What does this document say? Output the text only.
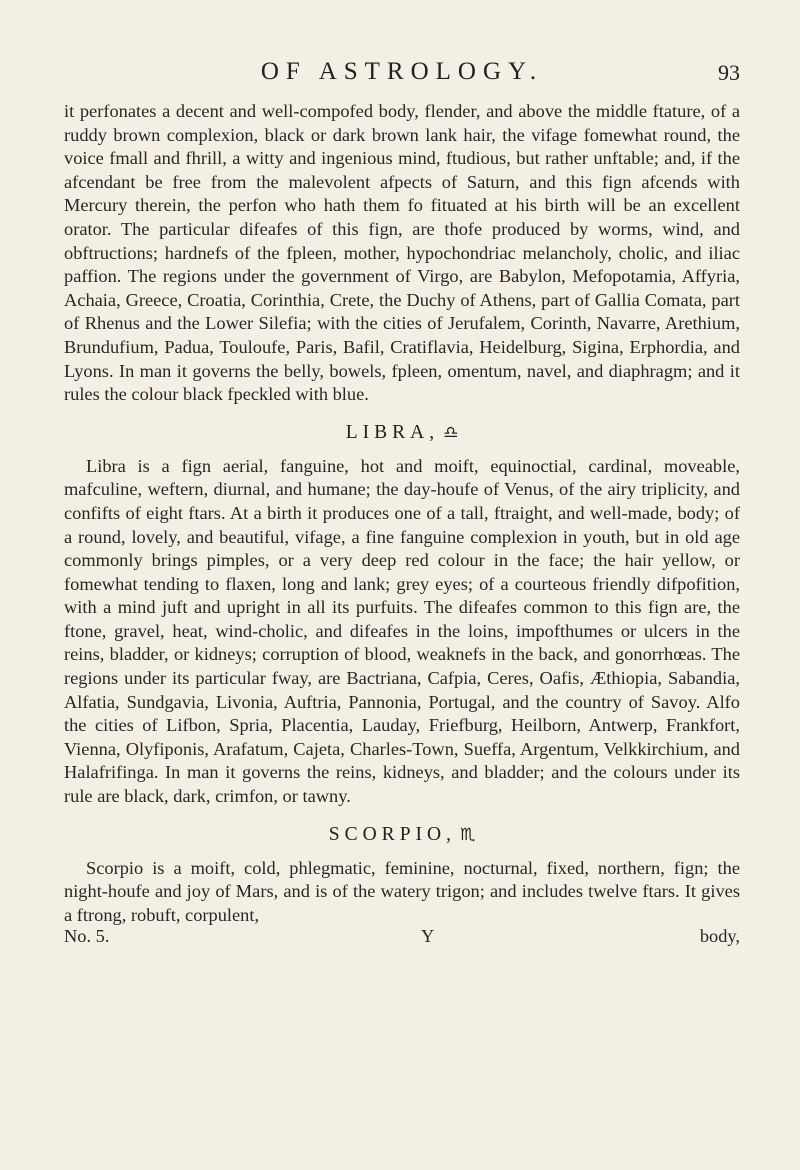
OF ASTROLOGY.	93

it perfonates a decent and well-compofed body, flender, and above the middle ftature, of a ruddy brown complexion, black or dark brown lank hair, the vifage fomewhat round, the voice fmall and fhrill, a witty and ingenious mind, ftudious, but rather unftable; and, if the afcendant be free from the malevolent afpects of Saturn, and this fign afcends with Mercury therein, the perfon who hath them fo fituated at his birth will be an excellent orator. The particular difeafes of this fign, are thofe produced by worms, wind, and obftructions; hardnefs of the fpleen, mother, hypochondriac melancholy, cholic, and iliac paffion. The regions under the government of Virgo, are Babylon, Mefopotamia, Affyria, Achaia, Greece, Croatia, Corinthia, Crete, the Duchy of Athens, part of Gallia Comata, part of Rhenus and the Lower Silefia; with the cities of Jerufalem, Corinth, Navarre, Arethium, Brundufium, Padua, Touloufe, Paris, Bafil, Cratiflavia, Heidelburg, Sigina, Erphordia, and Lyons. In man it governs the belly, bowels, fpleen, omentum, navel, and diaphragm; and it rules the colour black fpeckled with blue.

LIBRA, ♎

Libra is a fign aerial, fanguine, hot and moift, equinoctial, cardinal, moveable, mafculine, weftern, diurnal, and humane; the day-houfe of Venus, of the airy triplicity, and confifts of eight ftars. At a birth it produces one of a tall, ftraight, and well-made, body; of a round, lovely, and beautiful, vifage, a fine fanguine complexion in youth, but in old age commonly brings pimples, or a very deep red colour in the face; the hair yellow, or fomewhat tending to flaxen, long and lank; grey eyes; of a courteous friendly difpofition, with a mind juft and upright in all its purfuits. The difeafes common to this fign are, the ftone, gravel, heat, wind-cholic, and difeafes in the loins, impofthumes or ulcers in the reins, bladder, or kidneys; corruption of blood, weaknefs in the back, and gonorrhœas. The regions under its particular fway, are Bactriana, Cafpia, Ceres, Oafis, Æthiopia, Sabandia, Alfatia, Sundgavia, Livonia, Auftria, Pannonia, Portugal, and the country of Savoy. Alfo the cities of Lifbon, Spria, Placentia, Lauday, Friefburg, Heilborn, Antwerp, Frankfort, Vienna, Olyfiponis, Arafatum, Cajeta, Charles-Town, Sueffa, Argentum, Velkkirchium, and Halafrifinga. In man it governs the reins, kidneys, and bladder; and the colours under its rule are black, dark, crimfon, or tawny.

SCORPIO, ♏

Scorpio is a moift, cold, phlegmatic, feminine, nocturnal, fixed, northern, fign; the night-houfe and joy of Mars, and is of the watery trigon; and includes twelve ftars. It gives a ftrong, robuft, corpulent,

No. 5.	Y	body,
